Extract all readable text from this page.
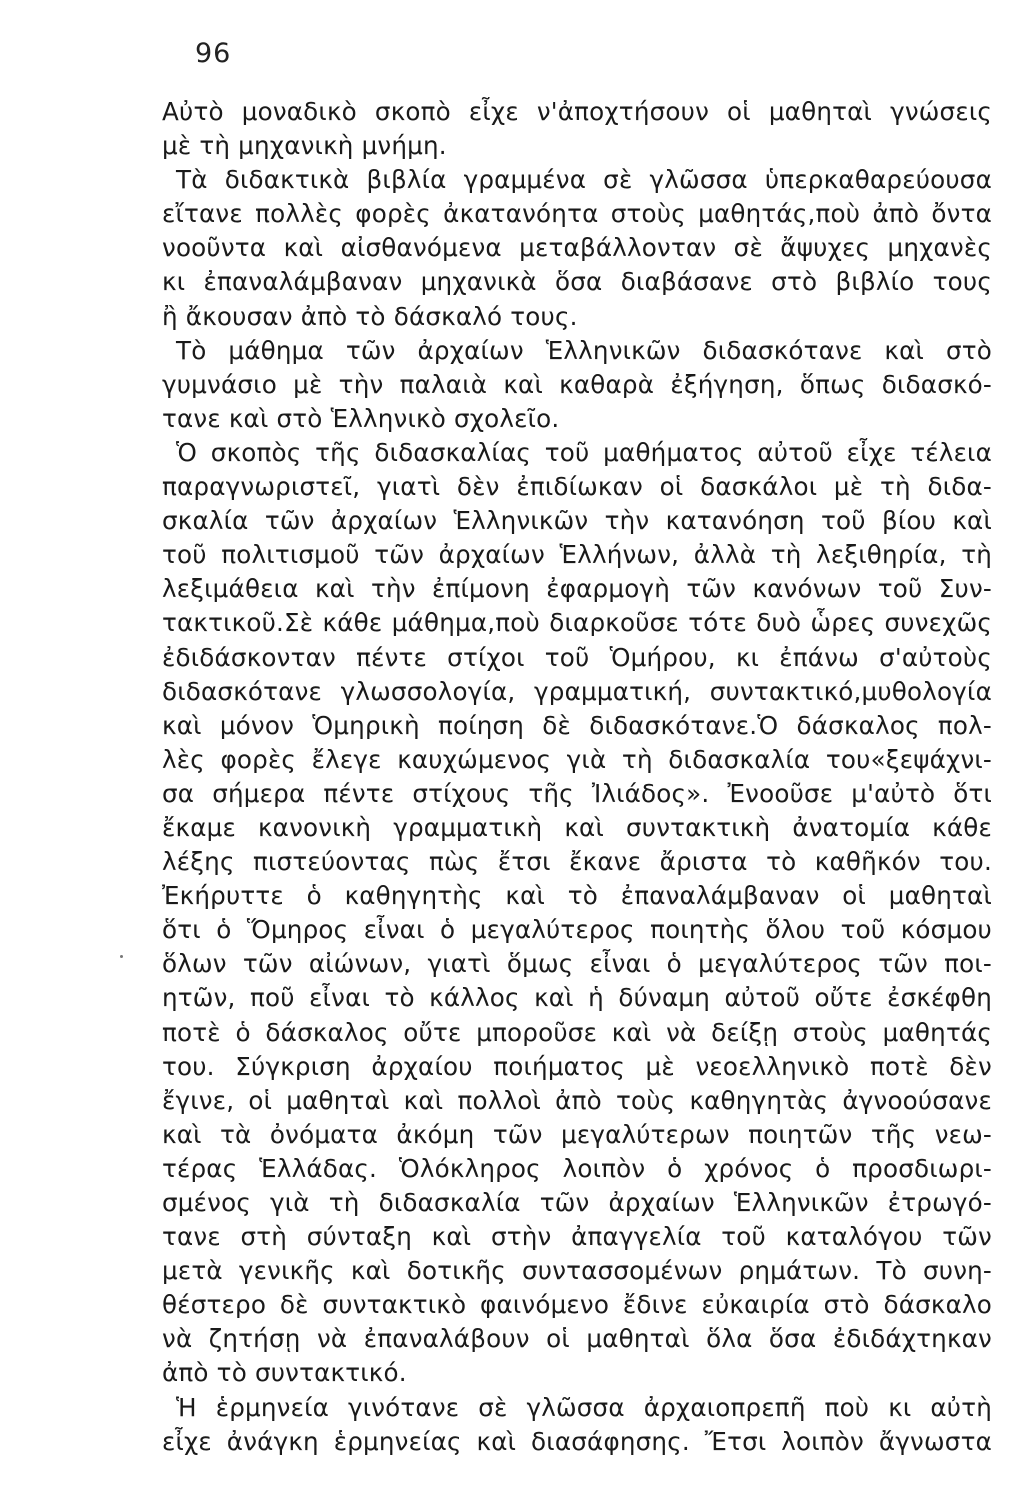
96
Αὐτὸ μοναδικὸ σκοπὸ εἶχε ν'ἀποχτήσουν οἱ μαθηταὶ γνώσεις
μὲ τὴ μηχανικὴ μνήμη.
Τὰ διδακτικὰ βιβλία γραμμένα σὲ γλῶσσα ὑπερκαθαρεύουσα
εἴτανε πολλὲς φορὲς ἀκατανόητα στοὺς μαθητάς,ποὺ ἀπὸ ὄντα
νοοῦντα καὶ αἰσθανόμενα μεταβάλλονταν σὲ ἄψυχες μηχανὲς
κι ἐπαναλάμβαναν μηχανικὰ ὅσα διαβάσανε στὸ βιβλίο τους
ἢ ἄκουσαν ἀπὸ τὸ δάσκαλό τους.
Τὸ μάθημα τῶν ἀρχαίων Ἑλληνικῶν διδασκότανε καὶ στὸ
γυμνάσιο μὲ τὴν παλαιὰ καὶ καθαρὰ ἐξήγηση, ὅπως διδασκό-
τανε καὶ στὸ Ἑλληνικὸ σχολεῖο.
Ὁ σκοπὸς τῆς διδασκαλίας τοῦ μαθήματος αὐτοῦ εἶχε τέλεια
παραγνωριστεῖ, γιατὶ δὲν ἐπιδίωκαν οἱ δασκάλοι μὲ τὴ διδα-
σκαλία τῶν ἀρχαίων Ἑλληνικῶν τὴν κατανόηση τοῦ βίου καὶ
τοῦ πολιτισμοῦ τῶν ἀρχαίων Ἑλλήνων, ἀλλὰ τὴ λεξιθηρία, τὴ
λεξιμάθεια καὶ τὴν ἐπίμονη ἐφαρμογὴ τῶν κανόνων τοῦ Συν-
τακτικοῦ.Σὲ κάθε μάθημα,ποὺ διαρκοῦσε τότε δυὸ ὧρες συνεχῶς
ἐδιδάσκονταν πέντε στίχοι τοῦ Ὁμήρου, κι ἐπάνω σ'αὐτοὺς
διδασκότανε γλωσσολογία, γραμματική, συντακτικό,μυθολογία
καὶ μόνον Ὁμηρικὴ ποίηση δὲ διδασκότανε.Ὁ δάσκαλος πολ-
λὲς φορὲς ἔλεγε καυχώμενος γιὰ τὴ διδασκαλία του«ξεψάχνι-
σα σήμερα πέντε στίχους τῆς Ἰλιάδος». Ἐνοοῦσε μ'αὐτὸ ὅτι
ἔκαμε κανονικὴ γραμματικὴ καὶ συντακτικὴ ἀνατομία κάθε
λέξης πιστεύοντας πὼς ἔτσι ἔκανε ἄριστα τὸ καθῆκόν του.
Ἐκήρυττε ὁ καθηγητὴς καὶ τὸ ἐπαναλάμβαναν οἱ μαθηταὶ
ὅτι ὁ Ὅμηρος εἶναι ὁ μεγαλύτερος ποιητὴς ὅλου τοῦ κόσμου
ὅλων τῶν αἰώνων, γιατὶ ὅμως εἶναι ὁ μεγαλύτερος τῶν ποι-
ητῶν, ποῦ εἶναι τὸ κάλλος καὶ ἡ δύναμη αὐτοῦ οὔτε ἐσκέφθη
ποτὲ ὁ δάσκαλος οὔτε μποροῦσε καὶ νὰ δείξῃ στοὺς μαθητάς
του. Σύγκριση ἀρχαίου ποιήματος μὲ νεοελληνικὸ ποτὲ δὲν
ἔγινε, οἱ μαθηταὶ καὶ πολλοὶ ἀπὸ τοὺς καθηγητὰς ἀγνοούσανε
καὶ τὰ ὀνόματα ἀκόμη τῶν μεγαλύτερων ποιητῶν τῆς νεω-
τέρας Ἑλλάδας. Ὁλόκληρος λοιπὸν ὁ χρόνος ὁ προσδιωρι-
σμένος γιὰ τὴ διδασκαλία τῶν ἀρχαίων Ἑλληνικῶν ἐτρωγό-
τανε στὴ σύνταξη καὶ στὴν ἀπαγγελία τοῦ καταλόγου τῶν
μετὰ γενικῆς καὶ δοτικῆς συντασσομένων ρημάτων. Τὸ συνη-
θέστερο δὲ συντακτικὸ φαινόμενο ἔδινε εὐκαιρία στὸ δάσκαλο
νὰ ζητήσῃ νὰ ἐπαναλάβουν οἱ μαθηταὶ ὅλα ὅσα ἐδιδάχτηκαν
ἀπὸ τὸ συντακτικό.
Ἡ ἑρμηνεία γινότανε σὲ γλῶσσα ἀρχαιοπρεπῆ ποὺ κι αὐτὴ
εἶχε ἀνάγκη ἑρμηνείας καὶ διασάφησης. Ἔτσι λοιπὸν ἄγνωστα
